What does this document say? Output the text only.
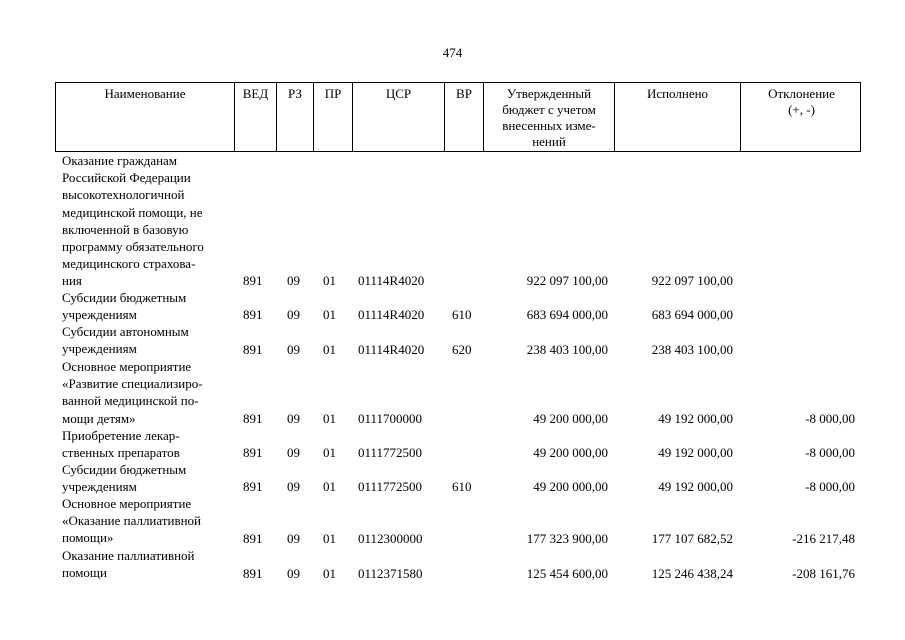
474
Наименование	ВЕД	РЗ	ПР	ЦСР	ВР	Утвержденный
бюджет с учетом
внесенных изме-
нений
Исполнено	Отклонение
(+, -)
Оказание гражданам
Российской Федерации
высокотехнологичной
медицинской помощи, не
включенной в базовую
программу обязательного
медицинского страхова-
ния	891 09 01 01114R4020	922 097 100,00	922 097 100,00
Субсидии бюджетным
учреждениям	891 09 01 01114R4020 610	683 694 000,00	683 694 000,00
Субсидии автономным
учреждениям	891 09 01 01114R4020 620	238 403 100,00	238 403 100,00
Основное мероприятие
«Развитие специализиро-
ванной медицинской по-
мощи детям»	891 09 01 0111700000	49 200 000,00	49 192 000,00	-8 000,00
Приобретение лекар-
ственных препаратов	891 09 01 0111772500	49 200 000,00	49 192 000,00	-8 000,00
Субсидии бюджетным
учреждениям	891 09 01 0111772500 610	49 200 000,00	49 192 000,00	-8 000,00
Основное мероприятие
«Оказание паллиативной
помощи»	891 09 01 0112300000	177 323 900,00	177 107 682,52	-216 217,48
Оказание паллиативной
помощи	891 09 01 0112371580	125 454 600,00	125 246 438,24	-208 161,76
